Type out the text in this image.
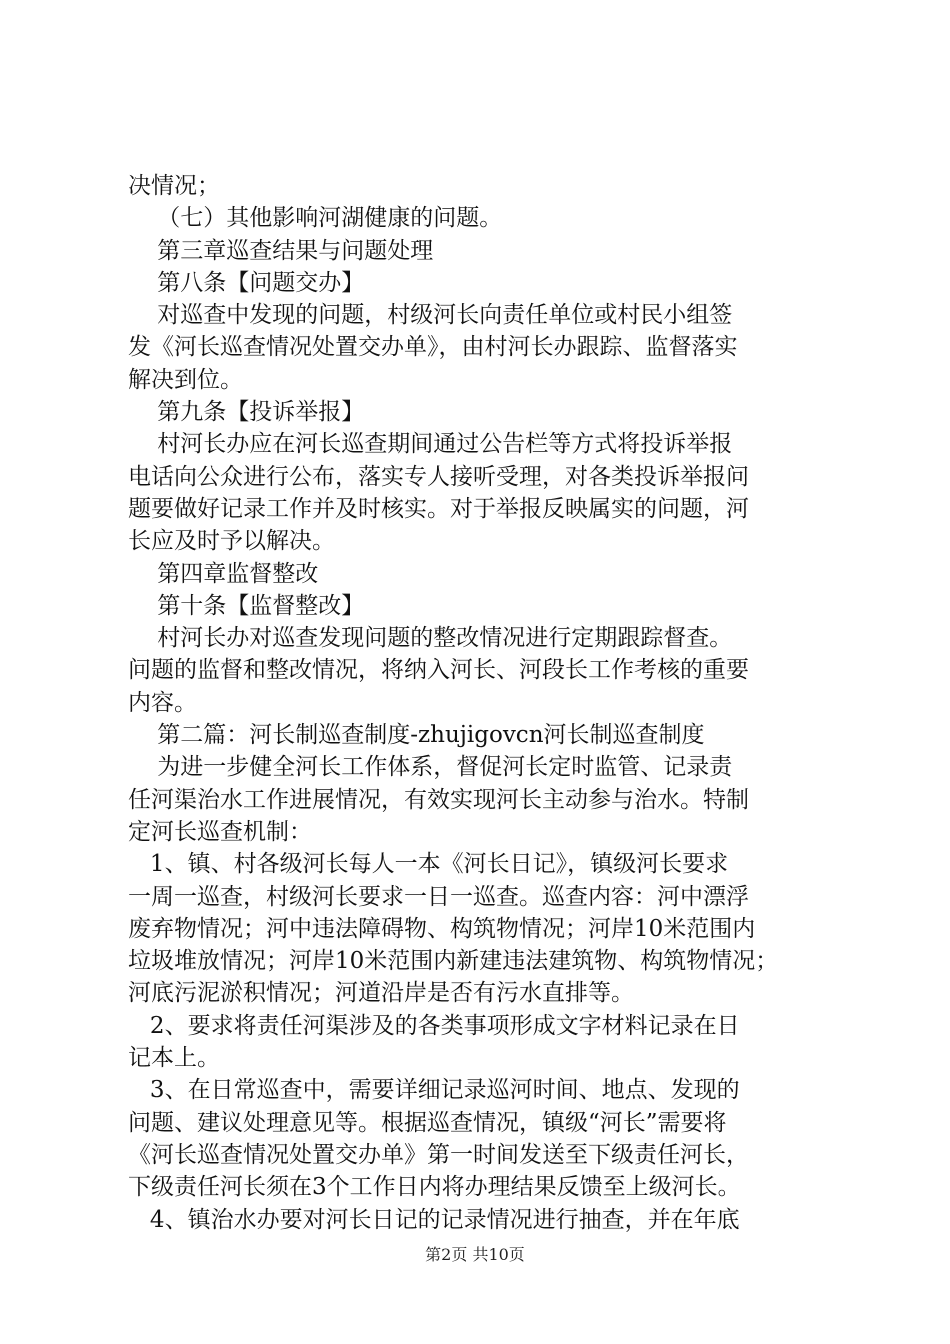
决情况；
（七）其他影响河湖健康的问题。
第三章巡查结果与问题处理
第八条【问题交办】
对巡查中发现的问题，村级河长向责任单位或村民小组签
发《河长巡查情况处置交办单》，由村河长办跟踪、监督落实
解决到位。
第九条【投诉举报】
村河长办应在河长巡查期间通过公告栏等方式将投诉举报
电话向公众进行公布，落实专人接听受理，对各类投诉举报问
题要做好记录工作并及时核实。对于举报反映属实的问题，河
长应及时予以解决。
第四章监督整改
第十条【监督整改】
村河长办对巡查发现问题的整改情况进行定期跟踪督查。
问题的监督和整改情况，将纳入河长、河段长工作考核的重要
内容。
第二篇：河长制巡查制度-zhujigovcn河长制巡查制度
为进一步健全河长工作体系，督促河长定时监管、记录责
任河渠治水工作进展情况，有效实现河长主动参与治水。特制
定河长巡查机制：
1、镇、村各级河长每人一本《河长日记》，镇级河长要求
一周一巡查，村级河长要求一日一巡查。巡查内容：河中漂浮
废弃物情况；河中违法障碍物、构筑物情况；河岸10米范围内
垃圾堆放情况；河岸10米范围内新建违法建筑物、构筑物情况；
河底污泥淤积情况；河道沿岸是否有污水直排等。
2、要求将责任河渠涉及的各类事项形成文字材料记录在日
记本上。
3、在日常巡查中，需要详细记录巡河时间、地点、发现的
问题、建议处理意见等。根据巡查情况，镇级“河长”需要将
《河长巡查情况处置交办单》第一时间发送至下级责任河长，
下级责任河长须在3个工作日内将办理结果反馈至上级河长。
4、镇治水办要对河长日记的记录情况进行抽查，并在年底
第2页 共10页
